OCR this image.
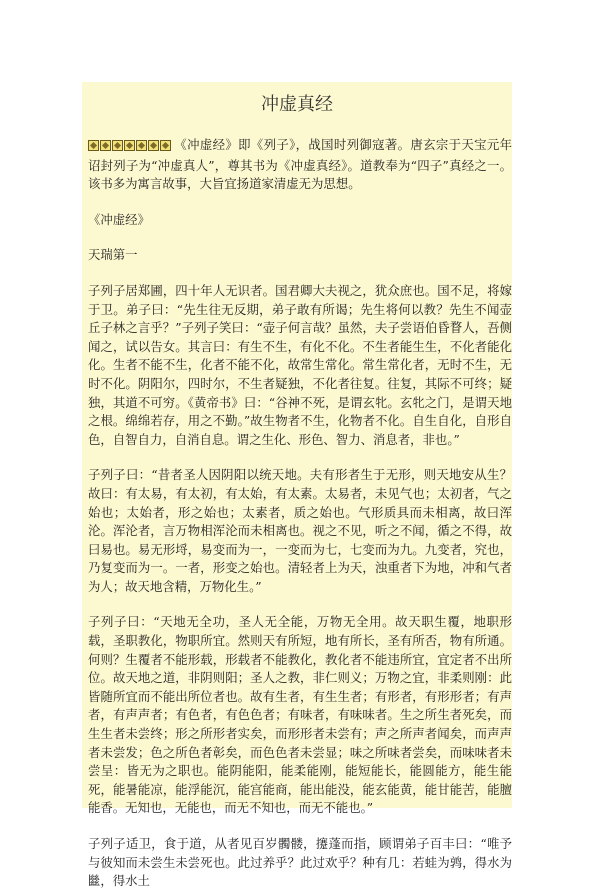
冲虚真经

《冲虚经》即《列子》，战国时列御寇著。唐玄宗于天宝元年诏封列子为“冲虚真人”，尊其书为《冲虚真经》。道教奉为“四子”真经之一。该书多为寓言故事，大旨宜扬道家清虚无为思想。

《冲虚经》

天瑞第一

子列子居郑圃，四十年人无识者。国君卿大夫视之，犹众庶也。国不足，将嫁于卫。弟子曰：“先生往无反期，弟子敢有所谒；先生将何以教？先生不闻壶丘子林之言乎？”子列子笑曰：“壶子何言哉？虽然，夫子尝语伯昏瞀人，吾侧闻之，试以告女。其言曰：有生不生，有化不化。不生者能生生，不化者能化化。生者不能不生，化者不能不化，故常生常化。常生常化者，无时不生，无时不化。阴阳尔，四时尔，不生者疑独，不化者往复。往复，其际不可终；疑独，其道不可穷。《黄帝书》曰：“谷神不死，是谓玄牝。玄牝之门，是谓天地之根。绵绵若存，用之不勤。”故生物者不生，化物者不化。自生自化，自形自色，自智自力，自消自息。谓之生化、形色、智力、消息者，非也。”

子列子曰：“昔者圣人因阴阳以统天地。夫有形者生于无形，则天地安从生？故曰：有太易，有太初，有太始，有太素。太易者，未见气也；太初者，气之始也；太始者，形之始也；太素者，质之始也。气形质具而未相离，故曰浑沦。浑沦者，言万物相浑沦而未相离也。视之不见，听之不闻，循之不得，故曰易也。易无形埒，易变而为一，一变而为七，七变而为九。九变者，究也，乃复变而为一。一者，形变之始也。清轻者上为天，浊重者下为地，冲和气者为人；故天地含精，万物化生。”

子列子曰：“天地无全功，圣人无全能，万物无全用。故天职生覆，地职形载，圣职教化，物职所宜。然则天有所短，地有所长，圣有所否，物有所通。何则？生覆者不能形载，形载者不能教化，教化者不能违所宜，宜定者不出所位。故天地之道，非阴则阳；圣人之教，非仁则义；万物之宜，非柔则刚：此皆随所宜而不能出所位者也。故有生者，有生生者；有形者，有形形者；有声者，有声声者；有色者，有色色者；有味者，有味味者。生之所生者死矣，而生生者未尝终；形之所形者实矣，而形形者未尝有；声之所声者闻矣，而声声者未尝发；色之所色者彰矣，而色色者未尝显；味之所味者尝矣，而味味者未尝呈：皆无为之职也。能阴能阳，能柔能刚，能短能长，能圆能方，能生能死，能暑能凉，能浮能沉，能宫能商，能出能没，能玄能黄，能甘能苦，能膻能香。无知也，无能也，而无不知也，而无不能也。”

子列子适卫，食于道，从者见百岁髑髅，攓蓬而指，顾谓弟子百丰曰：“唯予与彼知而未尝生未尝死也。此过养乎？此过欢乎？种有几：若蛙为鹑，得水为㡭，得水土
